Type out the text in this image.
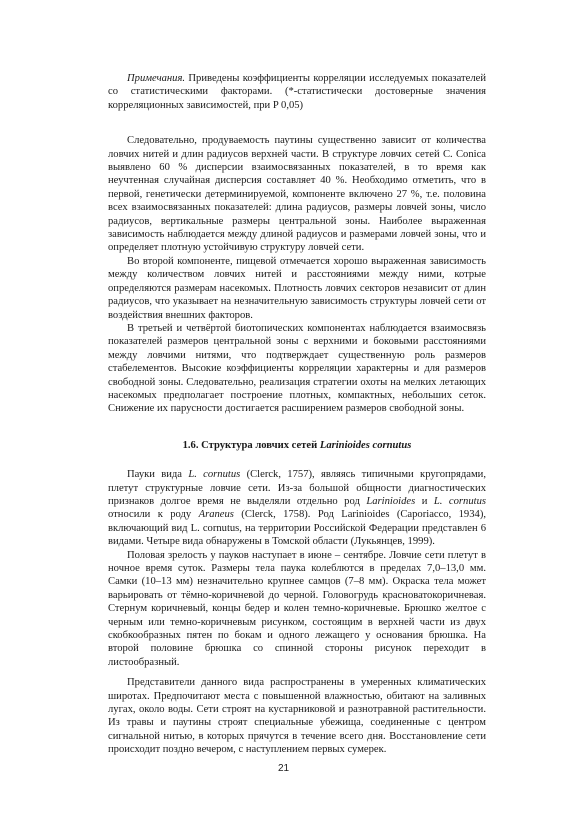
Примечания. Приведены коэффициенты корреляции исследуемых показателей со статистическими факторами. (*-статистически достоверные значения корреляционных зависимостей, при P 0,05)

Следовательно, продуваемость паутины существенно зависит от количества ловчих нитей и длин радиусов верхней части. В структуре ловчих сетей C. Conica выявлено 60 % дисперсии взаимосвязанных показателей, в то время как неучтенная случайная дисперсия составляет 40 %. Необходимо отметить, что в первой, генетически детерминируемой, компоненте включено 27 %, т.е. половина всех взаимосвязанных показателей: длина радиусов, размеры ловчей зоны, число радиусов, вертикальные размеры центральной зоны. Наиболее выраженная зависимость наблюдается между длиной радиусов и размерами ловчей зоны, что и определяет плотную устойчивую структуру ловчей сети.

Во второй компоненте, пищевой отмечается хорошо выраженная зависимость между количеством ловчих нитей и расстояниями между ними, котрые определяются размерам насекомых. Плотность ловчих секторов независит от длин радиусов, что указывает на незначительную зависимость структуры ловчей сети от воздействия внешних факторов.

В третьей и четвёртой биотопических компонентах наблюдается взаимосвязь показателей размеров центральной зоны с верхними и боковыми расстояниями между ловчими нитями, что подтверждает существенную роль размеров стабелементов. Высокие коэффициенты корреляции характерны и для размеров свободной зоны. Следовательно, реализация стратегии охоты на мелких летающих насекомых предполагает построение плотных, компактных, небольших сеток. Снижение их парусности достигается расширением размеров свободной зоны.

1.6. Структура ловчих сетей Larinioides cornutus

Пауки вида L. cornutus (Clerck, 1757), являясь типичными кругопрядами, плетут структурные ловчие сети. Из-за большой общности диагностических признаков долгое время не выделяли отдельно род Larinioides и L. cornutus относили к роду Araneus (Clerck, 1758). Род Larinioides (Caporiacco, 1934), включающий вид L. cornutus, на территории Российской Федерации представлен 6 видами. Четыре вида обнаружены в Томской области (Лукьянцев, 1999).

Половая зрелость у пауков наступает в июне – сентябре. Ловчие сети плетут в ночное время суток. Размеры тела паука колеблются в пределах 7,0–13,0 мм. Самки (10–13 мм) незначительно крупнее самцов (7–8 мм). Окраска тела может варьировать от тёмно-коричневой до черной. Головогрудь красноватокоричневая. Стернум коричневый, концы бедер и колен темно-коричневые. Брюшко желтое с черным или темно-коричневым рисунком, состоящим в верхней части из двух скобкообразных пятен по бокам и одного лежащего у основания брюшка. На второй половине брюшка со спинной стороны рисунок переходит в листообразный.

Представители данного вида распространены в умеренных климатических широтах. Предпочитают места с повышенной влажностью, обитают на заливных лугах, около воды. Сети строят на кустарниковой и разнотравной растительности. Из травы и паутины строят специальные убежища, соединенные с центром сигнальной нитью, в которых прячутся в течение всего дня. Восстановление сети происходит поздно вечером, с наступлением первых сумерек.

21
